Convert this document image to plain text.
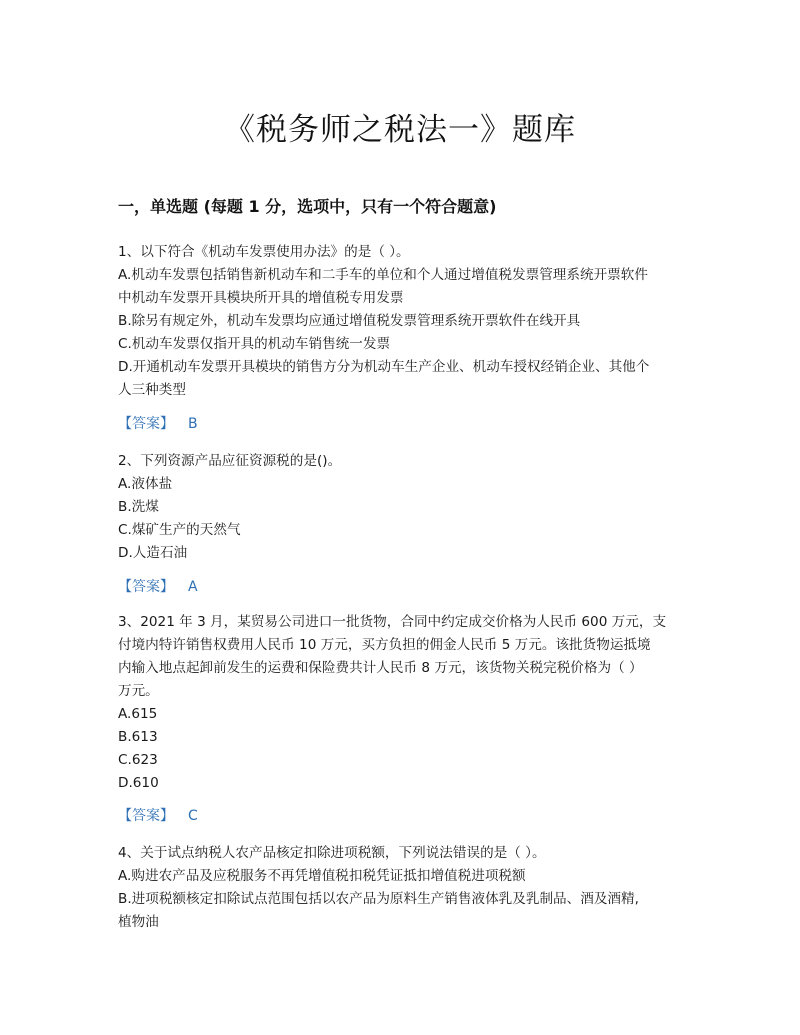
《税务师之税法一》题库
一，单选题 (每题 1 分，选项中，只有一个符合题意)
1、以下符合《机动车发票使用办法》的是（ ）。
A.机动车发票包括销售新机动车和二手车的单位和个人通过增值税发票管理系统开票软件
中机动车发票开具模块所开具的增值税专用发票
B.除另有规定外，机动车发票均应通过增值税发票管理系统开票软件在线开具
C.机动车发票仅指开具的机动车销售统一发票
D.开通机动车发票开具模块的销售方分为机动车生产企业、机动车授权经销企业、其他个
人三种类型
【答案】 B
2、下列资源产品应征资源税的是()。
A.液体盐
B.洗煤
C.煤矿生产的天然气
D.人造石油
【答案】 A
3、2021 年 3 月，某贸易公司进口一批货物，合同中约定成交价格为人民币 600 万元，支
付境内特许销售权费用人民币 10 万元，买方负担的佣金人民币 5 万元。该批货物运抵境
内输入地点起卸前发生的运费和保险费共计人民币 8 万元，该货物关税完税价格为（ ）
万元。
A.615
B.613
C.623
D.610
【答案】 C
4、关于试点纳税人农产品核定扣除进项税额，下列说法错误的是（ ）。
A.购进农产品及应税服务不再凭增值税扣税凭证抵扣增值税进项税额
B.进项税额核定扣除试点范围包括以农产品为原料生产销售液体乳及乳制品、酒及酒精,
植物油
